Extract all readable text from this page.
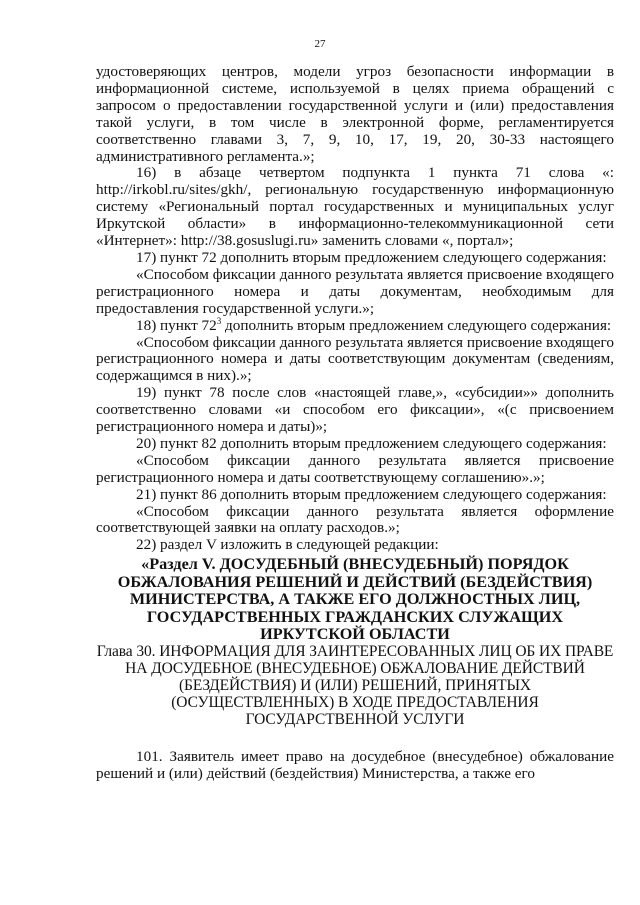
27

удостоверяющих центров, модели угроз безопасности информации в информационной системе, используемой в целях приема обращений с запросом о предоставлении государственной услуги и (или) предоставления такой услуги, в том числе в электронной форме, регламентируется соответственно главами 3, 7, 9, 10, 17, 19, 20, 30-33 настоящего административного регламента.»;

16) в абзаце четвертом подпункта 1 пункта 71 слова «: http://irkobl.ru/sites/gkh/, региональную государственную информационную систему «Региональный портал государственных и муниципальных услуг Иркутской области» в информационно-телекоммуникационной сети «Интернет»: http://38.gosuslugi.ru» заменить словами «, портал»;

17) пункт 72 дополнить вторым предложением следующего содержания:

«Способом фиксации данного результата является присвоение входящего регистрационного номера и даты документам, необходимым для предоставления государственной услуги.»;

18) пункт $72^3$ дополнить вторым предложением следующего содержания:

«Способом фиксации данного результата является присвоение входящего регистрационного номера и даты соответствующим документам (сведениям, содержащимся в них).»;

19) пункт 78 после слов «настоящей главе,», «субсидии»» дополнить соответственно словами «и способом его фиксации», «(с присвоением регистрационного номера и даты)»;

20) пункт 82 дополнить вторым предложением следующего содержания:

«Способом фиксации данного результата является присвоение регистрационного номера и даты соответствующему соглашению».»;

21) пункт 86 дополнить вторым предложением следующего содержания:

«Способом фиксации данного результата является оформление соответствующей заявки на оплату расходов.»;

22) раздел V изложить в следующей редакции:

«Раздел V. ДОСУДЕБНЫЙ (ВНЕСУДЕБНЫЙ) ПОРЯДОК ОБЖАЛОВАНИЯ РЕШЕНИЙ И ДЕЙСТВИЙ (БЕЗДЕЙСТВИЯ) МИНИСТЕРСТВА, А ТАКЖЕ ЕГО ДОЛЖНОСТНЫХ ЛИЦ, ГОСУДАРСТВЕННЫХ ГРАЖДАНСКИХ СЛУЖАЩИХ ИРКУТСКОЙ ОБЛАСТИ

Глава 30. ИНФОРМАЦИЯ ДЛЯ ЗАИНТЕРЕСОВАННЫХ ЛИЦ ОБ ИХ ПРАВЕ НА ДОСУДЕБНОЕ (ВНЕСУДЕБНОЕ) ОБЖАЛОВАНИЕ ДЕЙСТВИЙ (БЕЗДЕЙСТВИЯ) И (ИЛИ) РЕШЕНИЙ, ПРИНЯТЫХ (ОСУЩЕСТВЛЕННЫХ) В ХОДЕ ПРЕДОСТАВЛЕНИЯ ГОСУДАРСТВЕННОЙ УСЛУГИ

101. Заявитель имеет право на досудебное (внесудебное) обжалование решений и (или) действий (бездействия) Министерства, а также его
